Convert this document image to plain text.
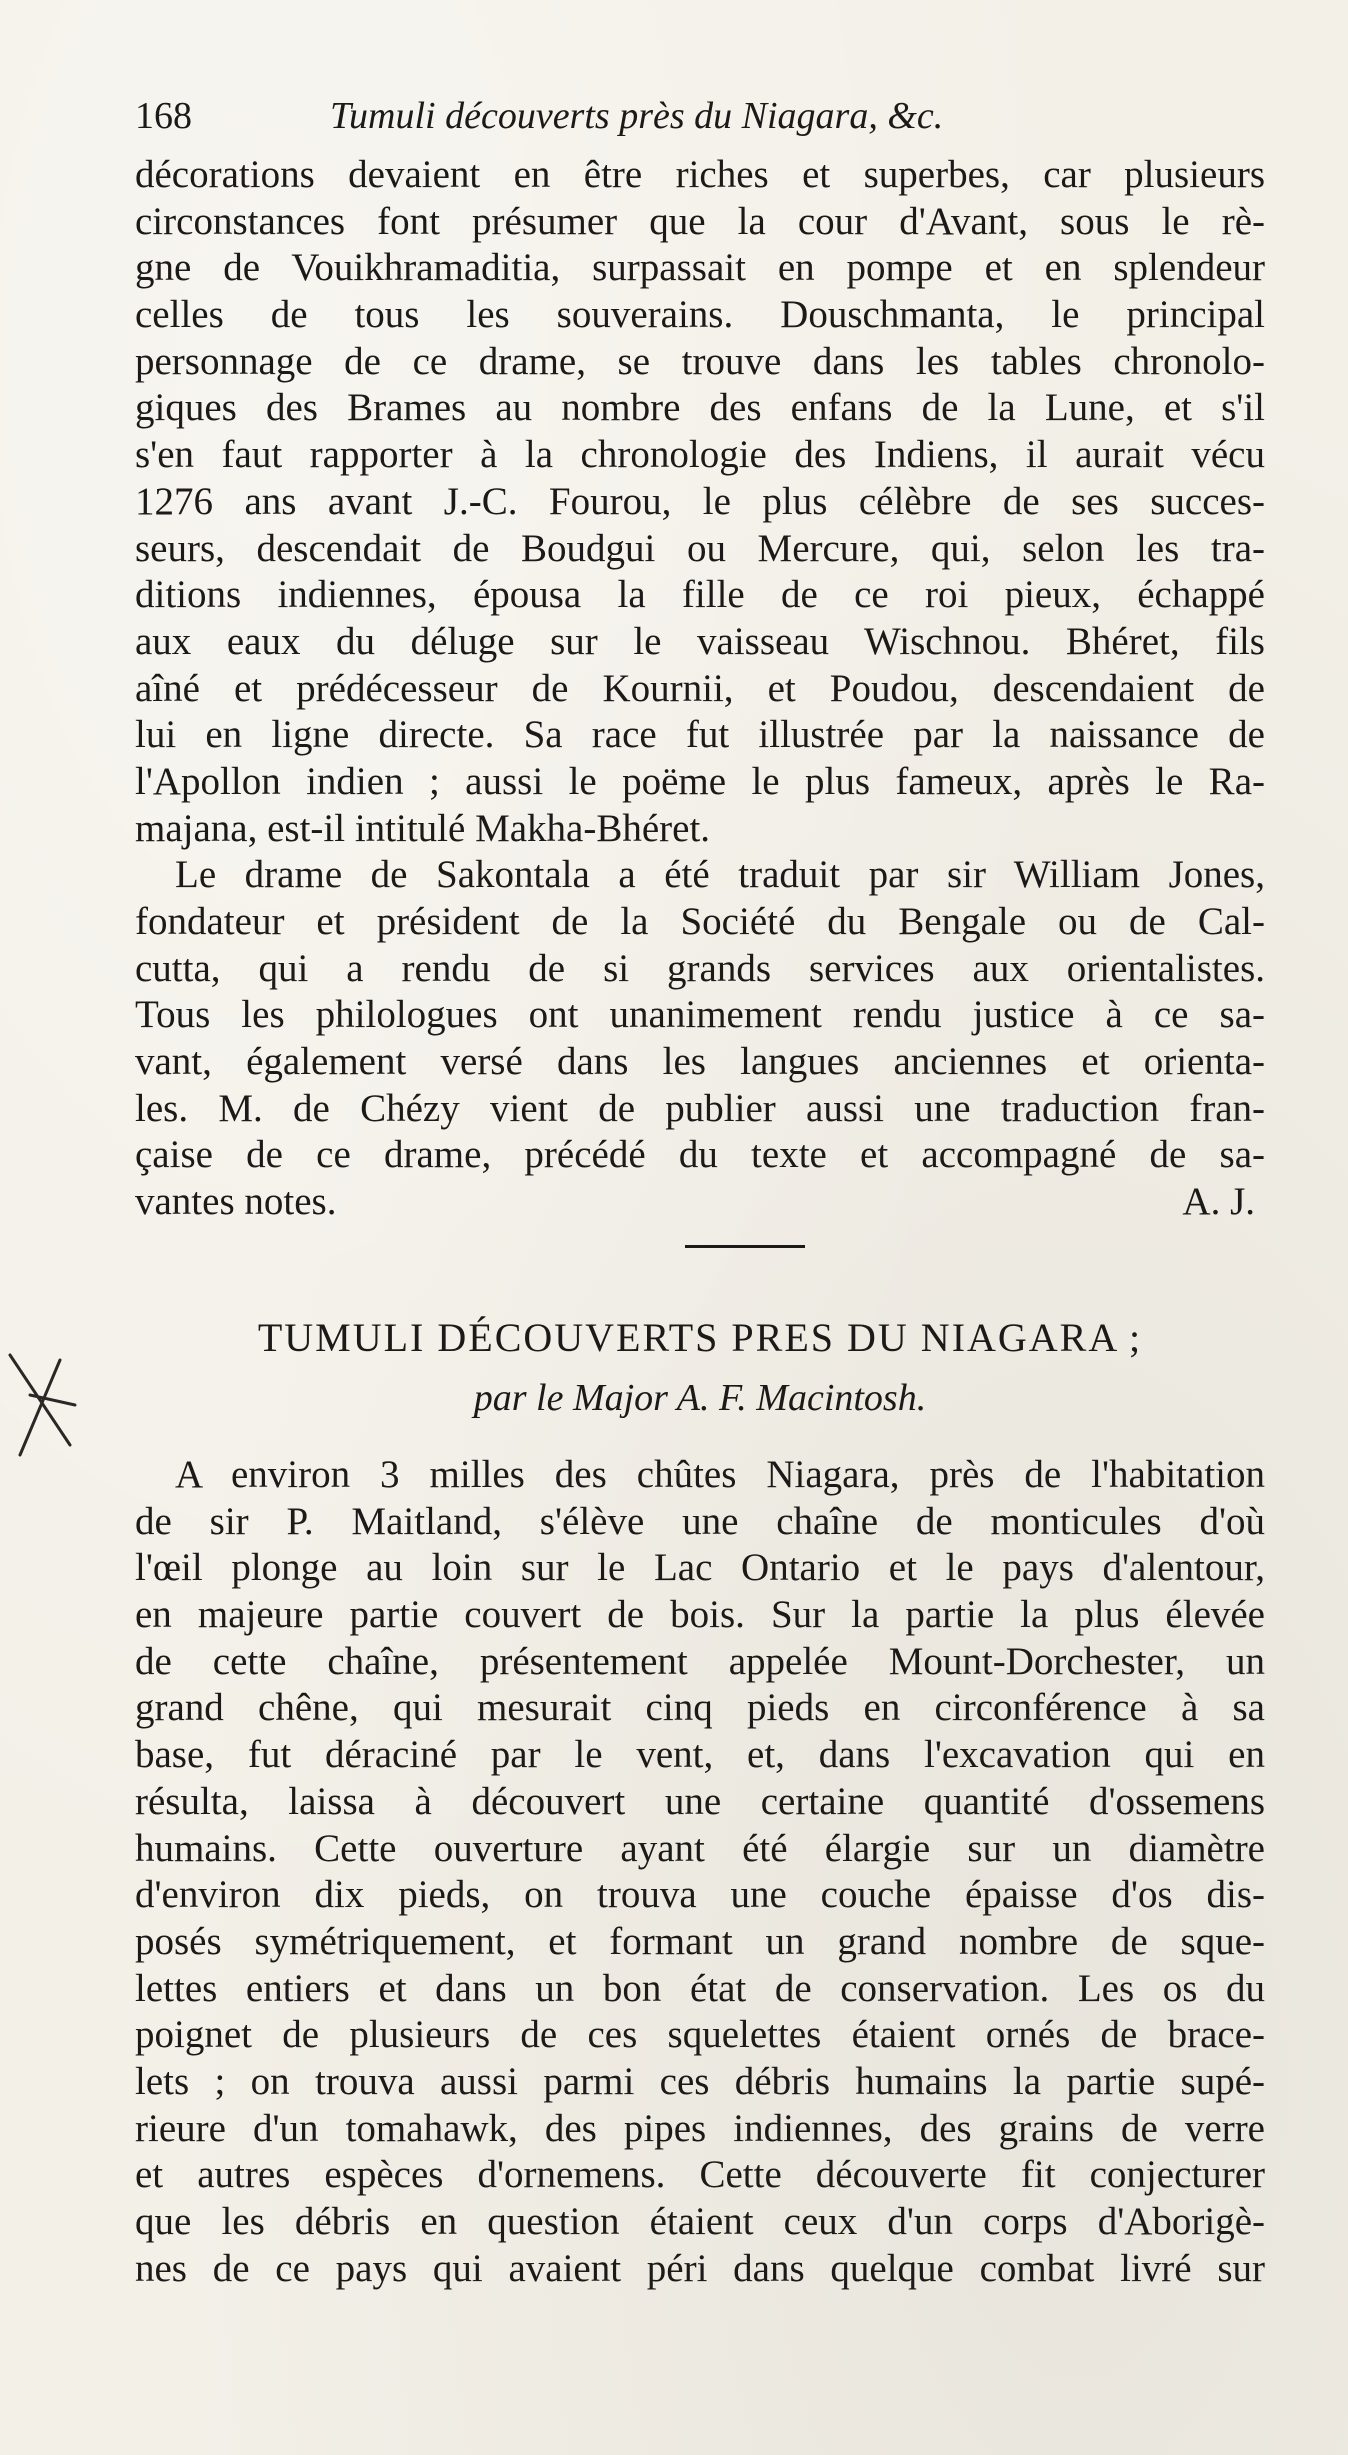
168	Tumuli découverts près du Niagara, &c.
décorations devaient en être riches et superbes, car plusieurs
circonstances font présumer que la cour d'Avant, sous le rè-
gne de Vouikhramaditia, surpassait en pompe et en splendeur
celles de tous les souverains. Douschmanta, le principal
personnage de ce drame, se trouve dans les tables chronolo-
giques des Brames au nombre des enfans de la Lune, et s'il
s'en faut rapporter à la chronologie des Indiens, il aurait vécu
1276 ans avant J.-C. Fourou, le plus célèbre de ses succes-
seurs, descendait de Boudgui ou Mercure, qui, selon les tra-
ditions indiennes, épousa la fille de ce roi pieux, échappé
aux eaux du déluge sur le vaisseau Wischnou. Bhéret, fils
aîné et prédécesseur de Kournii, et Poudou, descendaient de
lui en ligne directe. Sa race fut illustrée par la naissance de
l'Apollon indien ; aussi le poëme le plus fameux, après le Ra-
majana, est-il intitulé Makha-Bhéret.
Le drame de Sakontala a été traduit par sir William Jones,
fondateur et président de la Société du Bengale ou de Cal-
cutta, qui a rendu de si grands services aux orientalistes.
Tous les philologues ont unanimement rendu justice à ce sa-
vant, également versé dans les langues anciennes et orienta-
les. M. de Chézy vient de publier aussi une traduction fran-
çaise de ce drame, précédé du texte et accompagné de sa-
vantes notes.	A. J.
TUMULI DÉCOUVERTS PRES DU NIAGARA ;
par le Major A. F. Macintosh.
A environ 3 milles des chûtes Niagara, près de l'habitation
de sir P. Maitland, s'élève une chaîne de monticules d'où
l'œil plonge au loin sur le Lac Ontario et le pays d'alentour,
en majeure partie couvert de bois. Sur la partie la plus élevée
de cette chaîne, présentement appelée Mount-Dorchester, un
grand chêne, qui mesurait cinq pieds en circonférence à sa
base, fut déraciné par le vent, et, dans l'excavation qui en
résulta, laissa à découvert une certaine quantité d'ossemens
humains. Cette ouverture ayant été élargie sur un diamètre
d'environ dix pieds, on trouva une couche épaisse d'os dis-
posés symétriquement, et formant un grand nombre de sque-
lettes entiers et dans un bon état de conservation. Les os du
poignet de plusieurs de ces squelettes étaient ornés de brace-
lets ; on trouva aussi parmi ces débris humains la partie supé-
rieure d'un tomahawk, des pipes indiennes, des grains de verre
et autres espèces d'ornemens. Cette découverte fit conjecturer
que les débris en question étaient ceux d'un corps d'Aborigè-
nes de ce pays qui avaient péri dans quelque combat livré sur
